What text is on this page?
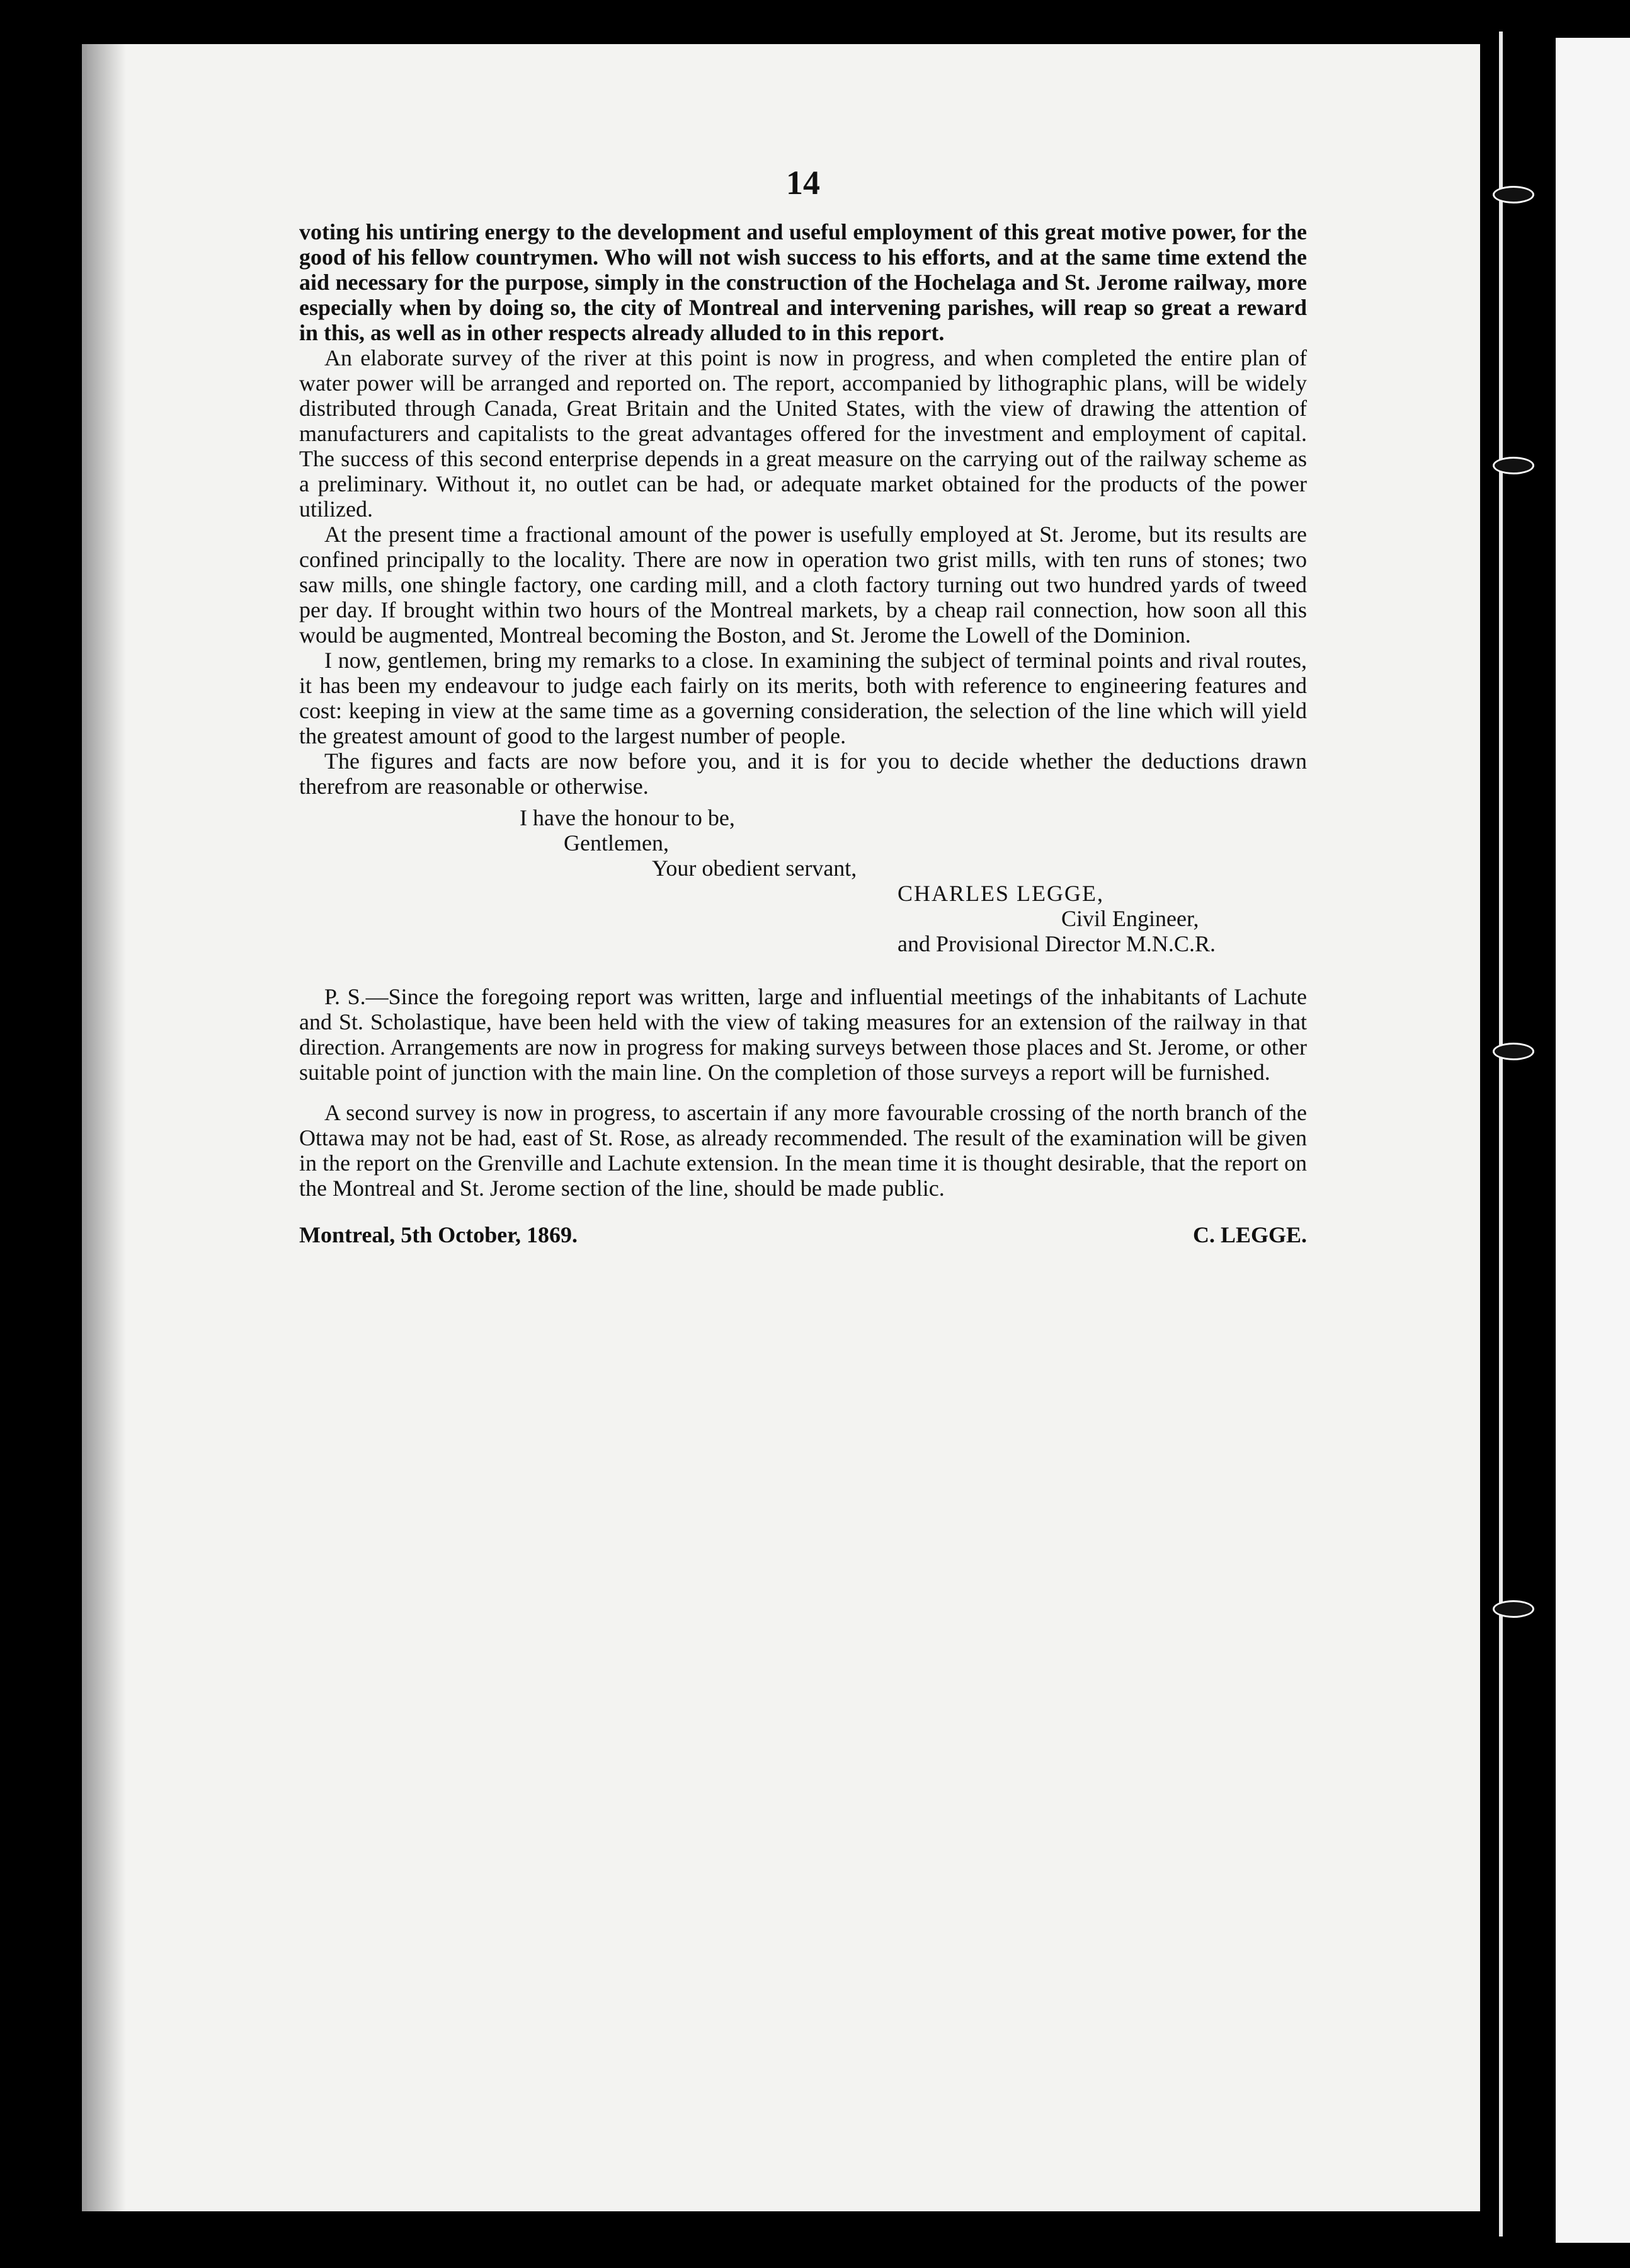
14

voting his untiring energy to the development and useful employment of this great motive power, for the good of his fellow countrymen. Who will not wish success to his efforts, and at the same time extend the aid necessary for the purpose, simply in the construction of the Hochelaga and St. Jerome railway, more especially when by doing so, the city of Montreal and intervening parishes, will reap so great a reward in this, as well as in other respects already alluded to in this report.

An elaborate survey of the river at this point is now in progress, and when completed the entire plan of water power will be arranged and reported on. The report, accompanied by lithographic plans, will be widely distributed through Canada, Great Britain and the United States, with the view of drawing the attention of manufacturers and capitalists to the great advantages offered for the investment and employment of capital. The success of this second enterprise depends in a great measure on the carrying out of the railway scheme as a preliminary. Without it, no outlet can be had, or adequate market obtained for the products of the power utilized.

At the present time a fractional amount of the power is usefully employed at St. Jerome, but its results are confined principally to the locality. There are now in operation two grist mills, with ten runs of stones; two saw mills, one shingle factory, one carding mill, and a cloth factory turning out two hundred yards of tweed per day. If brought within two hours of the Montreal markets, by a cheap rail connection, how soon all this would be augmented, Montreal becoming the Boston, and St. Jerome the Lowell of the Dominion.

I now, gentlemen, bring my remarks to a close. In examining the subject of terminal points and rival routes, it has been my endeavour to judge each fairly on its merits, both with reference to engineering features and cost: keeping in view at the same time as a governing consideration, the selection of the line which will yield the greatest amount of good to the largest number of people.

The figures and facts are now before you, and it is for you to decide whether the deductions drawn therefrom are reasonable or otherwise.

I have the honour to be,
Gentlemen,
Your obedient servant,
CHARLES LEGGE,
Civil Engineer,
and Provisional Director M.N.C.R.

P. S.—Since the foregoing report was written, large and influential meetings of the inhabitants of Lachute and St. Scholastique, have been held with the view of taking measures for an extension of the railway in that direction. Arrangements are now in progress for making surveys between those places and St. Jerome, or other suitable point of junction with the main line. On the completion of those surveys a report will be furnished.

A second survey is now in progress, to ascertain if any more favourable crossing of the north branch of the Ottawa may not be had, east of St. Rose, as already recommended. The result of the examination will be given in the report on the Grenville and Lachute extension. In the mean time it is thought desirable, that the report on the Montreal and St. Jerome section of the line, should be made public.

Montreal, 5th October, 1869.	C. LEGGE.
